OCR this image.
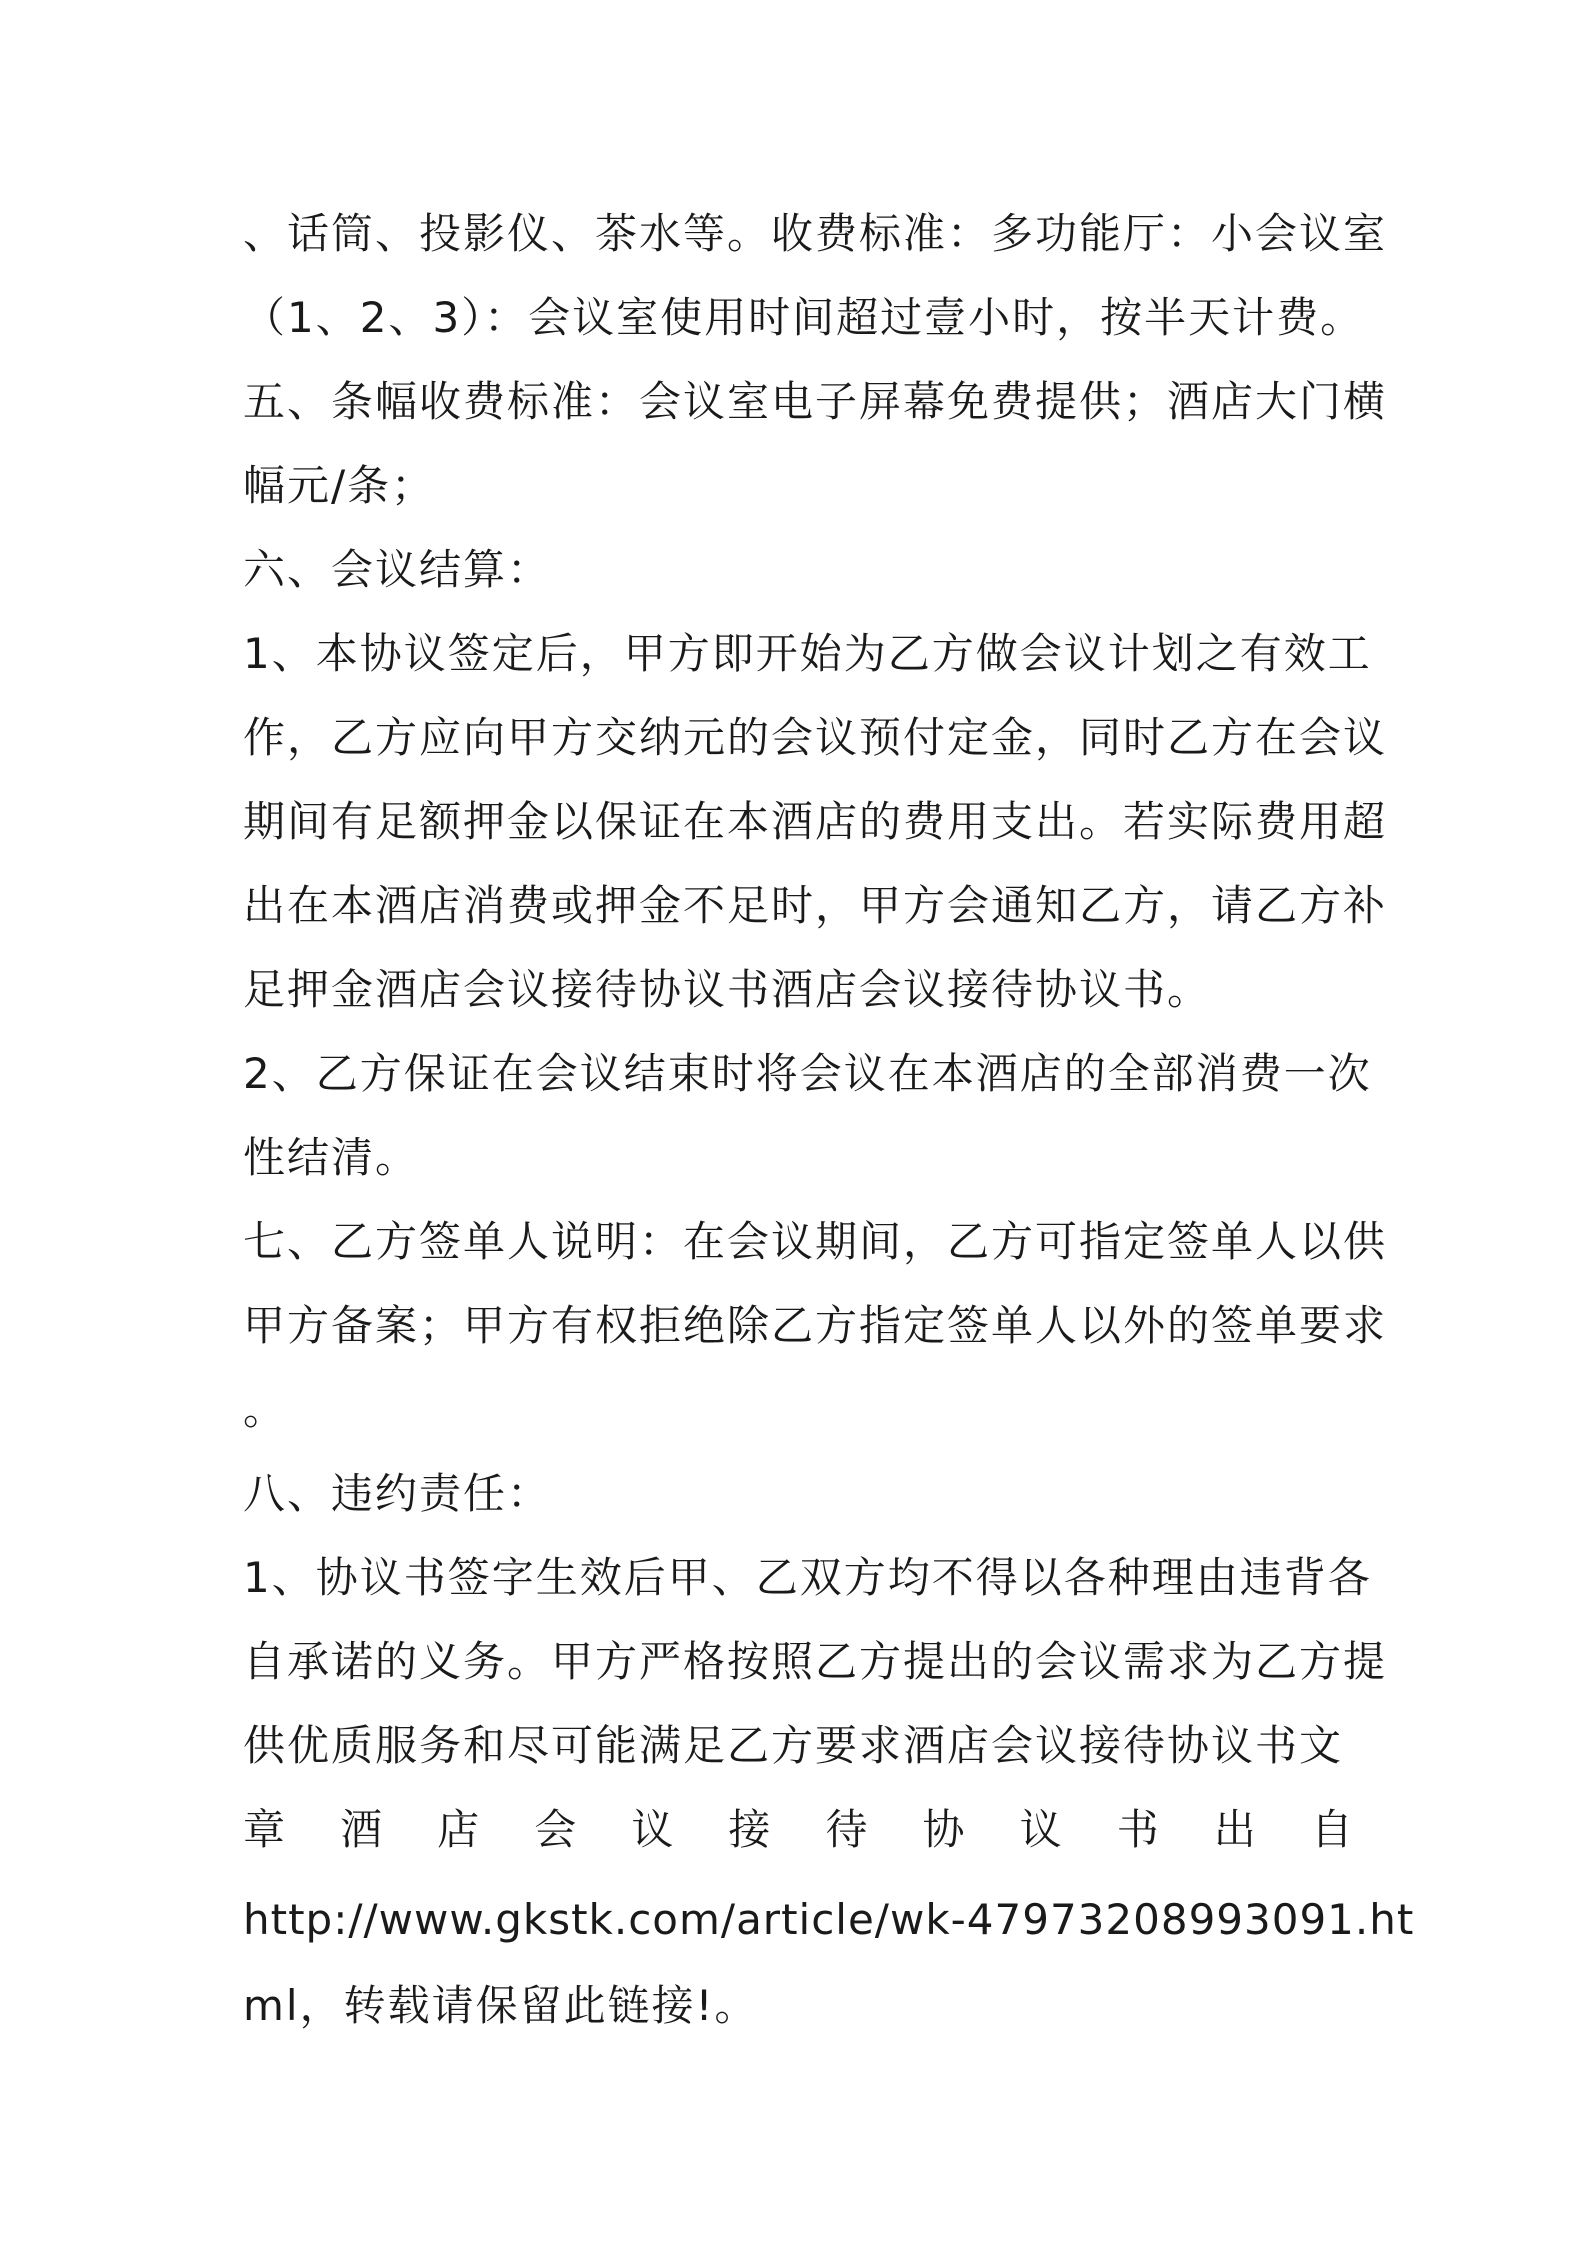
、话筒、投影仪、茶水等。收费标准：多功能厅：小会议室
（1、2、3）：会议室使用时间超过壹小时，按半天计费。
五、条幅收费标准：会议室电子屏幕免费提供；酒店大门横
幅元/条；
六、会议结算：
1、本协议签定后，甲方即开始为乙方做会议计划之有效工
作，乙方应向甲方交纳元的会议预付定金，同时乙方在会议
期间有足额押金以保证在本酒店的费用支出。若实际费用超
出在本酒店消费或押金不足时，甲方会通知乙方，请乙方补
足押金酒店会议接待协议书酒店会议接待协议书。
2、乙方保证在会议结束时将会议在本酒店的全部消费一次
性结清。
七、乙方签单人说明：在会议期间，乙方可指定签单人以供
甲方备案；甲方有权拒绝除乙方指定签单人以外的签单要求
。
八、违约责任：
1、协议书签字生效后甲、乙双方均不得以各种理由违背各
自承诺的义务。甲方严格按照乙方提出的会议需求为乙方提
供优质服务和尽可能满足乙方要求酒店会议接待协议书文
章 酒 店 会 议 接 待 协 议 书 出 自
http://www.gkstk.com/article/wk-47973208993091.ht
ml，转载请保留此链接!。
